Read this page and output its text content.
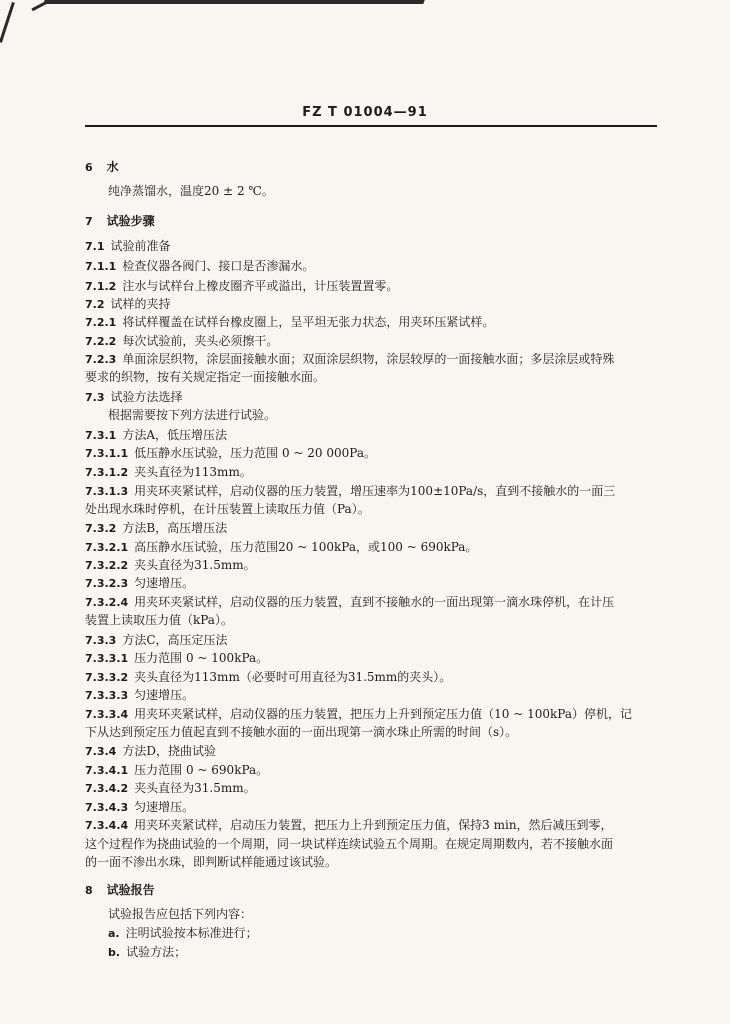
FZ T 01004—91
6 水
纯净蒸馏水，温度20 ± 2 ℃。
7 试验步骤
7.1 试验前准备
7.1.1 检查仪器各阀门、接口是否渗漏水。
7.1.2 注水与试样台上橡皮圈齐平或溢出，计压装置置零。
7.2 试样的夹持
7.2.1 将试样覆盖在试样台橡皮圈上，呈平坦无张力状态，用夹环压紧试样。
7.2.2 每次试验前，夹头必须擦干。
7.2.3 单面涂层织物，涂层面接触水面；双面涂层织物，涂层较厚的一面接触水面；多层涂层或特殊
要求的织物，按有关规定指定一面接触水面。
7.3 试验方法选择
根据需要按下列方法进行试验。
7.3.1 方法A，低压增压法
7.3.1.1 低压静水压试验，压力范围 0 ~ 20 000Pa。
7.3.1.2 夹头直径为113mm。
7.3.1.3 用夹环夹紧试样，启动仪器的压力装置，增压速率为100±10Pa/s，直到不接触水的一面三
处出现水珠时停机，在计压装置上读取压力值（Pa）。
7.3.2 方法B，高压增压法
7.3.2.1 高压静水压试验，压力范围20 ~ 100kPa，或100 ~ 690kPa。
7.3.2.2 夹头直径为31.5mm。
7.3.2.3 匀速增压。
7.3.2.4 用夹环夹紧试样，启动仪器的压力装置，直到不接触水的一面出现第一滴水珠停机，在计压
装置上读取压力值（kPa）。
7.3.3 方法C，高压定压法
7.3.3.1 压力范围 0 ~ 100kPa。
7.3.3.2 夹头直径为113mm（必要时可用直径为31.5mm的夹头）。
7.3.3.3 匀速增压。
7.3.3.4 用夹环夹紧试样，启动仪器的压力装置，把压力上升到预定压力值（10 ~ 100kPa）停机，记
下从达到预定压力值起直到不接触水面的一面出现第一滴水珠止所需的时间（s）。
7.3.4 方法D，挠曲试验
7.3.4.1 压力范围 0 ~ 690kPa。
7.3.4.2 夹头直径为31.5mm。
7.3.4.3 匀速增压。
7.3.4.4 用夹环夹紧试样，启动压力装置，把压力上升到预定压力值，保持3 min，然后减压到零，
这个过程作为挠曲试验的一个周期，同一块试样连续试验五个周期。在规定周期数内，若不接触水面
的一面不渗出水珠，即判断试样能通过该试验。
8 试验报告
试验报告应包括下列内容：
a. 注明试验按本标准进行；
b. 试验方法；
